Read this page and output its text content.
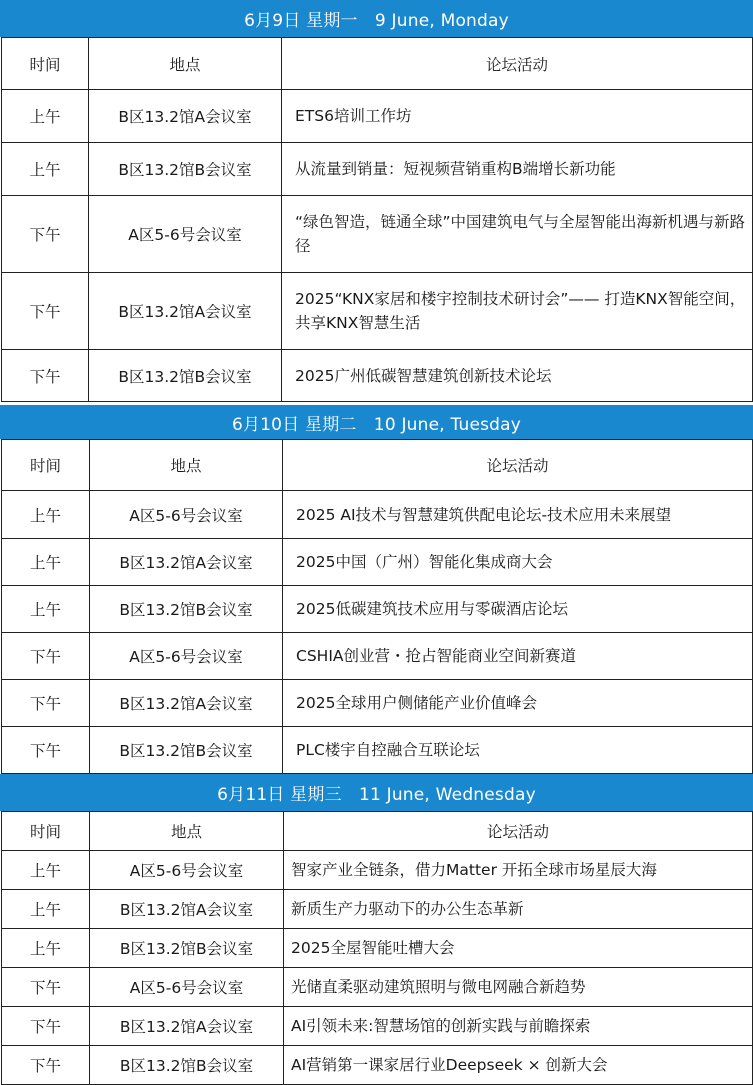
6月9日 星期一　9 June, Monday
时间	地点	论坛活动
上午	B区13.2馆A会议室	ETS6培训工作坊
上午	B区13.2馆B会议室	从流量到销量：短视频营销重构B端增长新功能
下午	A区5-6号会议室	“绿色智造，链通全球”中国建筑电气与全屋智能出海新机遇与新路径
下午	B区13.2馆A会议室	2025“KNX家居和楼宇控制技术研讨会”—— 打造KNX智能空间，共享KNX智慧生活
下午	B区13.2馆B会议室	2025广州低碳智慧建筑创新技术论坛
6月10日 星期二　10 June, Tuesday
时间	地点	论坛活动
上午	A区5-6号会议室	2025 AI技术与智慧建筑供配电论坛-技术应用未来展望
上午	B区13.2馆A会议室	2025中国（广州）智能化集成商大会
上午	B区13.2馆B会议室	2025低碳建筑技术应用与零碳酒店论坛
下午	A区5-6号会议室	CSHIA创业营・抢占智能商业空间新赛道
下午	B区13.2馆A会议室	2025全球用户侧储能产业价值峰会
下午	B区13.2馆B会议室	PLC楼宇自控融合互联论坛
6月11日 星期三　11 June, Wednesday
时间	地点	论坛活动
上午	A区5-6号会议室	智家产业全链条，借力Matter 开拓全球市场星辰大海
上午	B区13.2馆A会议室	新质生产力驱动下的办公生态革新
上午	B区13.2馆B会议室	2025全屋智能吐槽大会
下午	A区5-6号会议室	光储直柔驱动建筑照明与微电网融合新趋势
下午	B区13.2馆A会议室	AI引领未来:智慧场馆的创新实践与前瞻探索
下午	B区13.2馆B会议室	AI营销第一课家居行业Deepseek × 创新大会
